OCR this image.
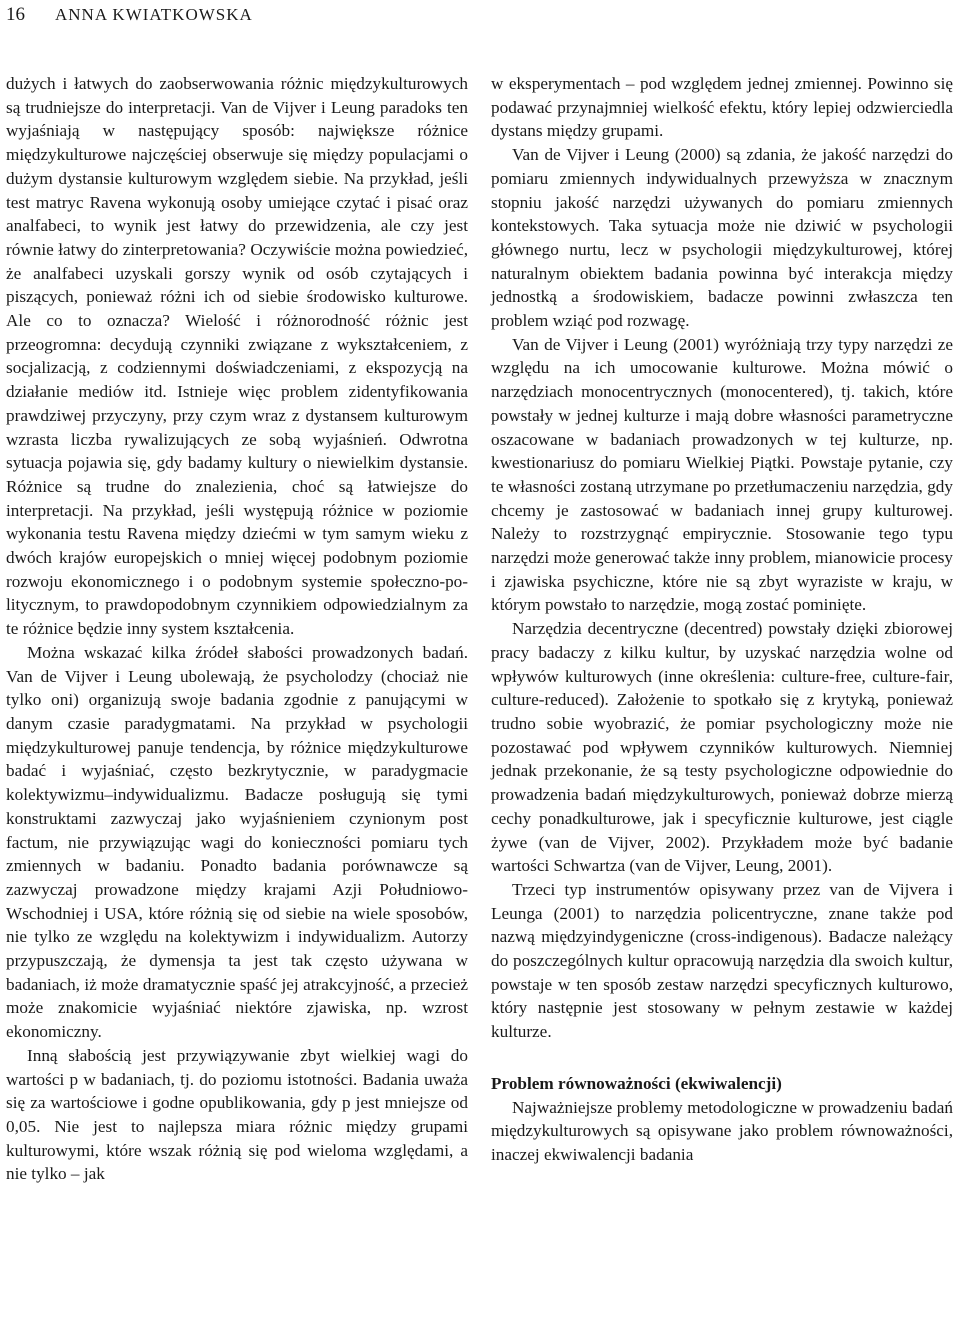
16 ANNA KWIATKOWSKA

dużych i łatwych do zaobserwowania różnic międzykulturowych są trudniejsze do interpretacji. Van de Vijver i Leung paradoks ten wyjaśniają w następujący sposób: największe różnice międzykulturowe najczęściej obserwuje się między populacjami o dużym dystansie kulturowym względem siebie. Na przykład, jeśli test matryc Ravena wykonują osoby umiejące czytać i pisać oraz analfabeci, to wynik jest łatwy do przewidzenia, ale czy jest równie łatwy do zinterpretowania? Oczywiście można powiedzieć, że analfabeci uzyskali gorszy wynik od osób czytających i piszących, ponieważ różni ich od siebie środowisko kulturowe. Ale co to oznacza? Wielość i różnorodność różnic jest przeogromna: decydują czynniki związane z wykształceniem, z socjalizacją, z codziennymi doświadczeniami, z ekspozycją na działanie mediów itd. Istnieje więc problem zidentyfikowania prawdziwej przyczyny, przy czym wraz z dystansem kulturowym wzrasta liczba rywalizujących ze sobą wyjaśnień. Odwrotna sytuacja pojawia się, gdy badamy kultury o niewielkim dystansie. Różnice są trudne do znalezienia, choć są łatwiejsze do interpretacji. Na przykład, jeśli występują różnice w poziomie wykonania testu Ravena między dziećmi w tym samym wieku z dwóch krajów europejskich o mniej więcej podobnym poziomie rozwoju ekonomicznego i o podobnym systemie społeczno-politycznym, to prawdopodobnym czynnikiem odpowiedzialnym za te różnice będzie inny system kształcenia.

Można wskazać kilka źródeł słabości prowadzonych badań. Van de Vijver i Leung ubolewają, że psycholodzy (chociaż nie tylko oni) organizują swoje badania zgodnie z panującymi w danym czasie paradygmatami. Na przykład w psychologii międzykulturowej panuje tendencja, by różnice międzykulturowe badać i wyjaśniać, często bezkrytycznie, w paradygmacie kolektywizmu–indywidualizmu. Badacze posługują się tymi konstruktami zazwyczaj jako wyjaśnieniem czynionym post factum, nie przywiązując wagi do konieczności pomiaru tych zmiennych w badaniu. Ponadto badania porównawcze są zazwyczaj prowadzone między krajami Azji Południowo-Wschodniej i USA, które różnią się od siebie na wiele sposobów, nie tylko ze względu na kolektywizm i indywidualizm. Autorzy przypuszczają, że dymensja ta jest tak często używana w badaniach, iż może dramatycznie spaść jej atrakcyjność, a przecież może znakomicie wyjaśniać niektóre zjawiska, np. wzrost ekonomiczny.

Inną słabością jest przywiązywanie zbyt wielkiej wagi do wartości p w badaniach, tj. do poziomu istotności. Badania uważa się za wartościowe i godne opublikowania, gdy p jest mniejsze od 0,05. Nie jest to najlepsza miara różnic między grupami kulturowymi, które wszak różnią się pod wieloma względami, a nie tylko – jak

w eksperymentach – pod względem jednej zmiennej. Powinno się podawać przynajmniej wielkość efektu, który lepiej odzwierciedla dystans między grupami.

Van de Vijver i Leung (2000) są zdania, że jakość narzędzi do pomiaru zmiennych indywidualnych przewyższa w znacznym stopniu jakość narzędzi używanych do pomiaru zmiennych kontekstowych. Taka sytuacja może nie dziwić w psychologii głównego nurtu, lecz w psychologii międzykulturowej, której naturalnym obiektem badania powinna być interakcja między jednostką a środowiskiem, badacze powinni zwłaszcza ten problem wziąć pod rozwagę.

Van de Vijver i Leung (2001) wyróżniają trzy typy narzędzi ze względu na ich umocowanie kulturowe. Można mówić o narzędziach monocentrycznych (monocentered), tj. takich, które powstały w jednej kulturze i mają dobre własności parametryczne oszacowane w badaniach prowadzonych w tej kulturze, np. kwestionariusz do pomiaru Wielkiej Piątki. Powstaje pytanie, czy te własności zostaną utrzymane po przetłumaczeniu narzędzia, gdy chcemy je zastosować w badaniach innej grupy kulturowej. Należy to rozstrzygnąć empirycznie. Stosowanie tego typu narzędzi może generować także inny problem, mianowicie procesy i zjawiska psychiczne, które nie są zbyt wyraziste w kraju, w którym powstało to narzędzie, mogą zostać pominięte.

Narzędzia decentryczne (decentred) powstały dzięki zbiorowej pracy badaczy z kilku kultur, by uzyskać narzędzia wolne od wpływów kulturowych (inne określenia: culture-free, culture-fair, culture-reduced). Założenie to spotkało się z krytyką, ponieważ trudno sobie wyobrazić, że pomiar psychologiczny może nie pozostawać pod wpływem czynników kulturowych. Niemniej jednak przekonanie, że są testy psychologiczne odpowiednie do prowadzenia badań międzykulturowych, ponieważ dobrze mierzą cechy ponadkulturowe, jak i specyficznie kulturowe, jest ciągle żywe (van de Vijver, 2002). Przykładem może być badanie wartości Schwartza (van de Vijver, Leung, 2001).

Trzeci typ instrumentów opisywany przez van de Vijvera i Leunga (2001) to narzędzia policentryczne, znane także pod nazwą międzyindygeniczne (cross-indigenous). Badacze należący do poszczególnych kultur opracowują narzędzia dla swoich kultur, powstaje w ten sposób zestaw narzędzi specyficznych kulturowo, który następnie jest stosowany w pełnym zestawie w każdej kulturze.

Problem równoważności (ekwiwalencji)

Najważniejsze problemy metodologiczne w prowadzeniu badań międzykulturowych są opisywane jako problem równoważności, inaczej ekwiwalencji badania
